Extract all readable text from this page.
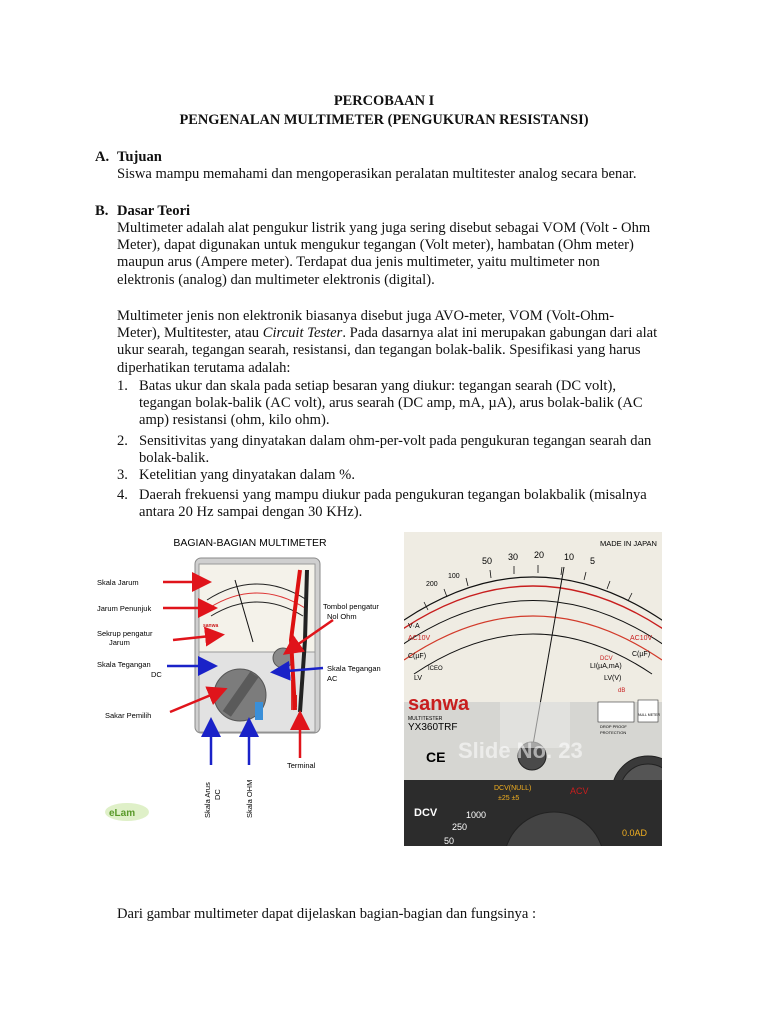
PERCOBAAN I
PENGENALAN MULTIMETER (PENGUKURAN RESISTANSI)
A. Tujuan
Siswa mampu memahami dan mengoperasikan peralatan multitester analog secara benar.
B. Dasar Teori
Multimeter adalah alat pengukur listrik yang juga sering disebut sebagai VOM (Volt - Ohm
Meter), dapat digunakan untuk mengukur tegangan (Volt meter), hambatan (Ohm meter)
maupun arus (Ampere meter). Terdapat dua jenis multimeter, yaitu multimeter non
elektronis (analog) dan multimeter elektronis (digital).
Multimeter jenis non elektronik biasanya disebut juga AVO-meter, VOM (Volt-Ohm-
Meter), Multitester, atau Circuit Tester. Pada dasarnya alat ini merupakan gabungan dari alat
ukur searah, tegangan searah, resistansi, dan tegangan bolak-balik. Spesifikasi yang harus
diperhatikan terutama adalah:
1. Batas ukur dan skala pada setiap besaran yang diukur: tegangan searah (DC volt),
tegangan bolak-balik (AC volt), arus searah (DC amp, mA, µA), arus bolak-balik (AC
amp) resistansi (ohm, kilo ohm).
2. Sensitivitas yang dinyatakan dalam ohm-per-volt pada pengukuran tegangan searah dan
bolak-balik.
3. Ketelitian yang dinyatakan dalam %.
4. Daerah frekuensi yang mampu diukur pada pengukuran tegangan bolakbalik (misalnya
antara 20 Hz sampai dengan 30 KHz).
BAGIAN-BAGIAN MULTIMETER
sanwa
Skala Jarum
Jarum Penunjuk
Sekrup pengatur
Jarum
Skala Tegangan
DC
Sakar Pemilih
Tombol pengatur
Nol Ohm
Skala Tegangan
AC
Terminal
Skala Arus DC	Skala OHM
eLam
50 30 20 10 5
200
100
MADE IN JAPAN
V·A
AC10V
C(µF)
AC10V
C(µF)
LV	LV(V)
LI(µA,mA)
ICEO
DCV
dB
sanwa
MULTITESTER
YX360TRF
CE
DROP PROOF
PROTECTION
NULL METER
Slide No. 23
DCV
DCV(NULL)
±25 ±5
ACV
1000
250
50
0.0AD
Dari gambar multimeter dapat dijelaskan bagian-bagian dan fungsinya :
